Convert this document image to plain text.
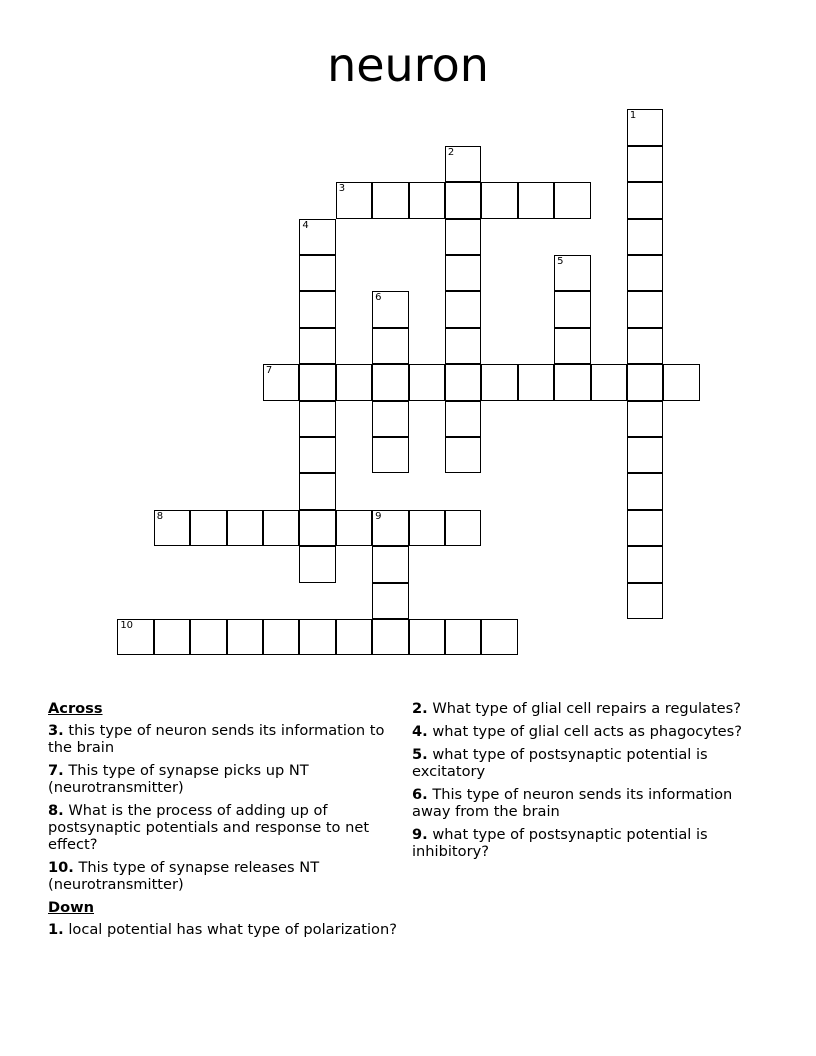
neuron
1
2
3
4
5
6
7
8	9
10
Across
3. this type of neuron sends its information to the brain
7. This type of synapse picks up NT (neurotransmitter)
8. What is the process of adding up of postsynaptic potentials and response to net effect?
10. This type of synapse releases NT (neurotransmitter)
Down
1. local potential has what type of polarization?
2. What type of glial cell repairs a regulates?
4. what type of glial cell acts as phagocytes?
5. what type of postsynaptic potential is excitatory
6. This type of neuron sends its information away from the brain
9. what type of postsynaptic potential is inhibitory?
